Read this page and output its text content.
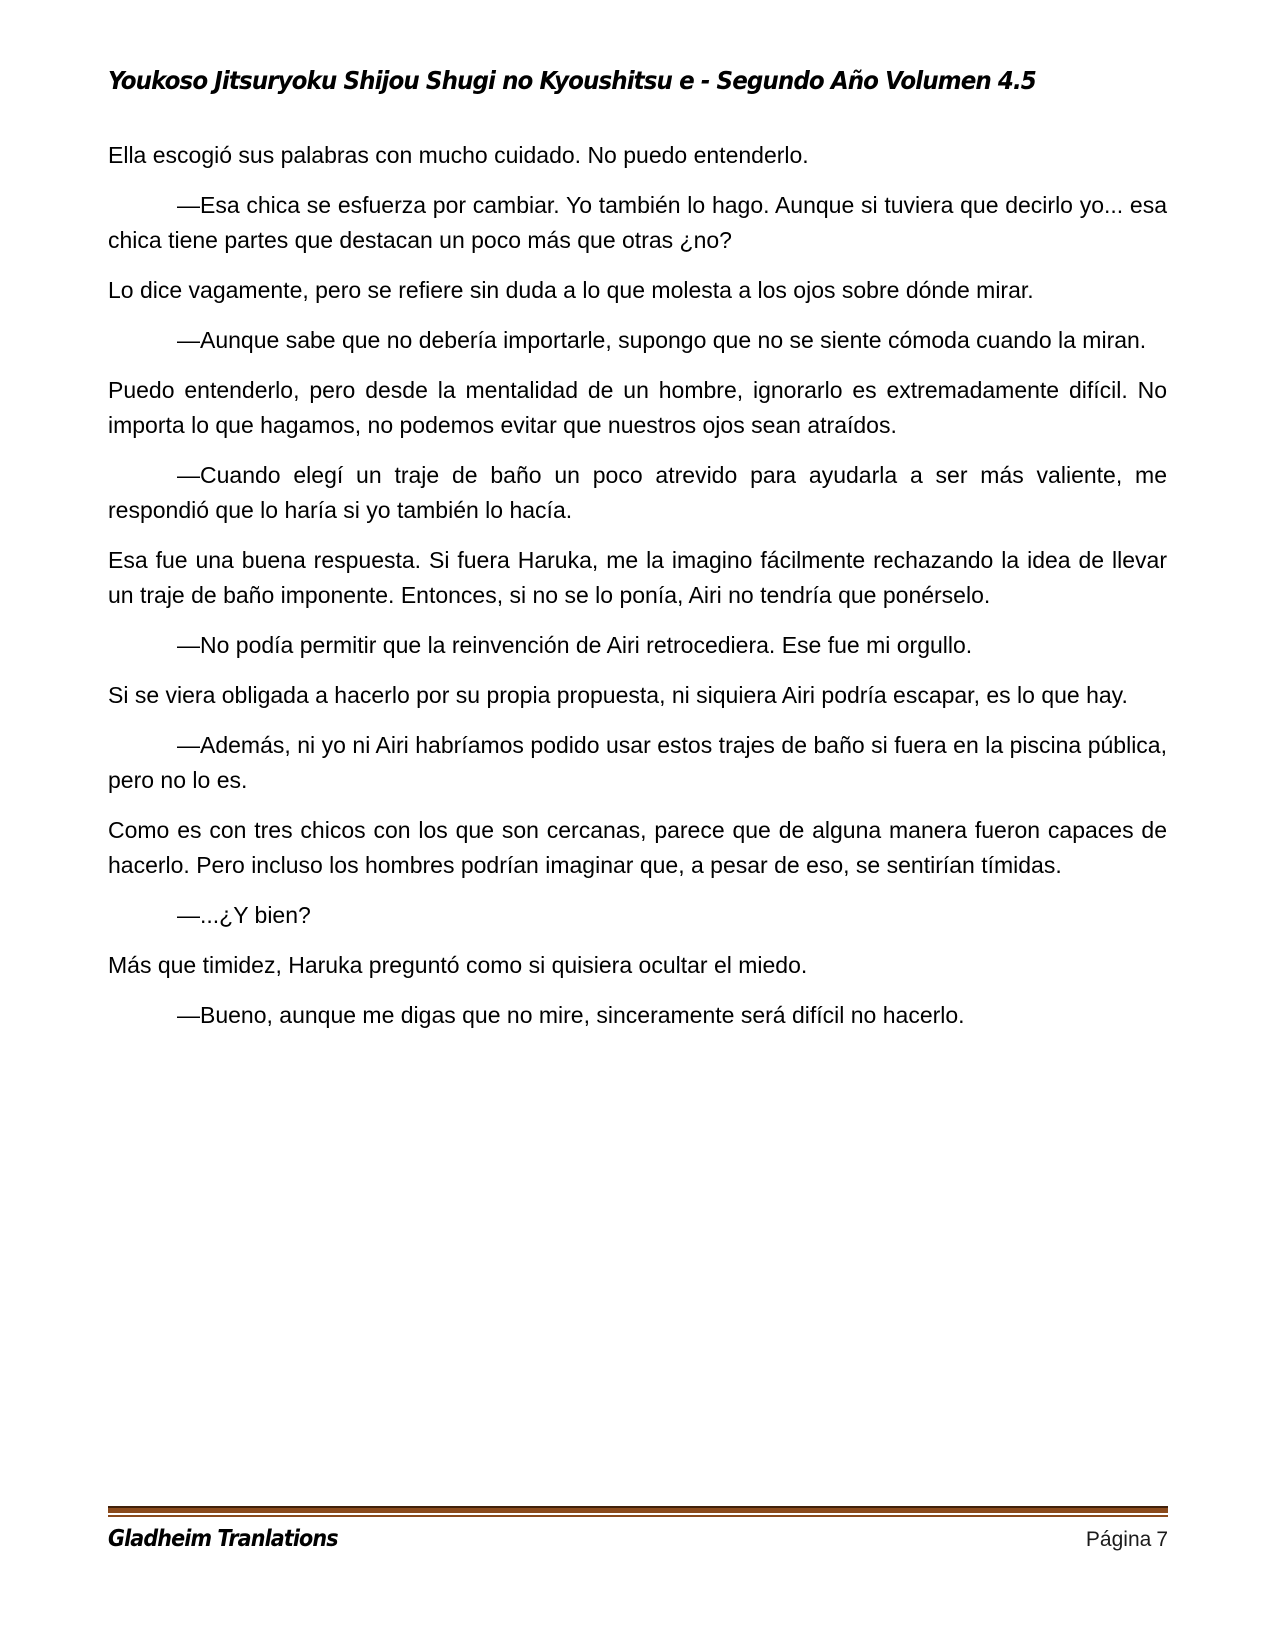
Youkoso Jitsuryoku Shijou Shugi no Kyoushitsu e - Segundo Año Volumen 4.5

Ella escogió sus palabras con mucho cuidado. No puedo entenderlo.

—Esa chica se esfuerza por cambiar. Yo también lo hago. Aunque si tuviera que decirlo yo... esa chica tiene partes que destacan un poco más que otras ¿no?

Lo dice vagamente, pero se refiere sin duda a lo que molesta a los ojos sobre dónde mirar.

—Aunque sabe que no debería importarle, supongo que no se siente cómoda cuando la miran.

Puedo entenderlo, pero desde la mentalidad de un hombre, ignorarlo es extremadamente difícil. No importa lo que hagamos, no podemos evitar que nuestros ojos sean atraídos.

—Cuando elegí un traje de baño un poco atrevido para ayudarla a ser más valiente, me respondió que lo haría si yo también lo hacía.

Esa fue una buena respuesta. Si fuera Haruka, me la imagino fácilmente rechazando la idea de llevar un traje de baño imponente. Entonces, si no se lo ponía, Airi no tendría que ponérselo.

—No podía permitir que la reinvención de Airi retrocediera. Ese fue mi orgullo.

Si se viera obligada a hacerlo por su propia propuesta, ni siquiera Airi podría escapar, es lo que hay.

—Además, ni yo ni Airi habríamos podido usar estos trajes de baño si fuera en la piscina pública, pero no lo es.

Como es con tres chicos con los que son cercanas, parece que de alguna manera fueron capaces de hacerlo. Pero incluso los hombres podrían imaginar que, a pesar de eso, se sentirían tímidas.

—...¿Y bien?

Más que timidez, Haruka preguntó como si quisiera ocultar el miedo.

—Bueno, aunque me digas que no mire, sinceramente será difícil no hacerlo.

Gladheim Tranlations	Página 7
